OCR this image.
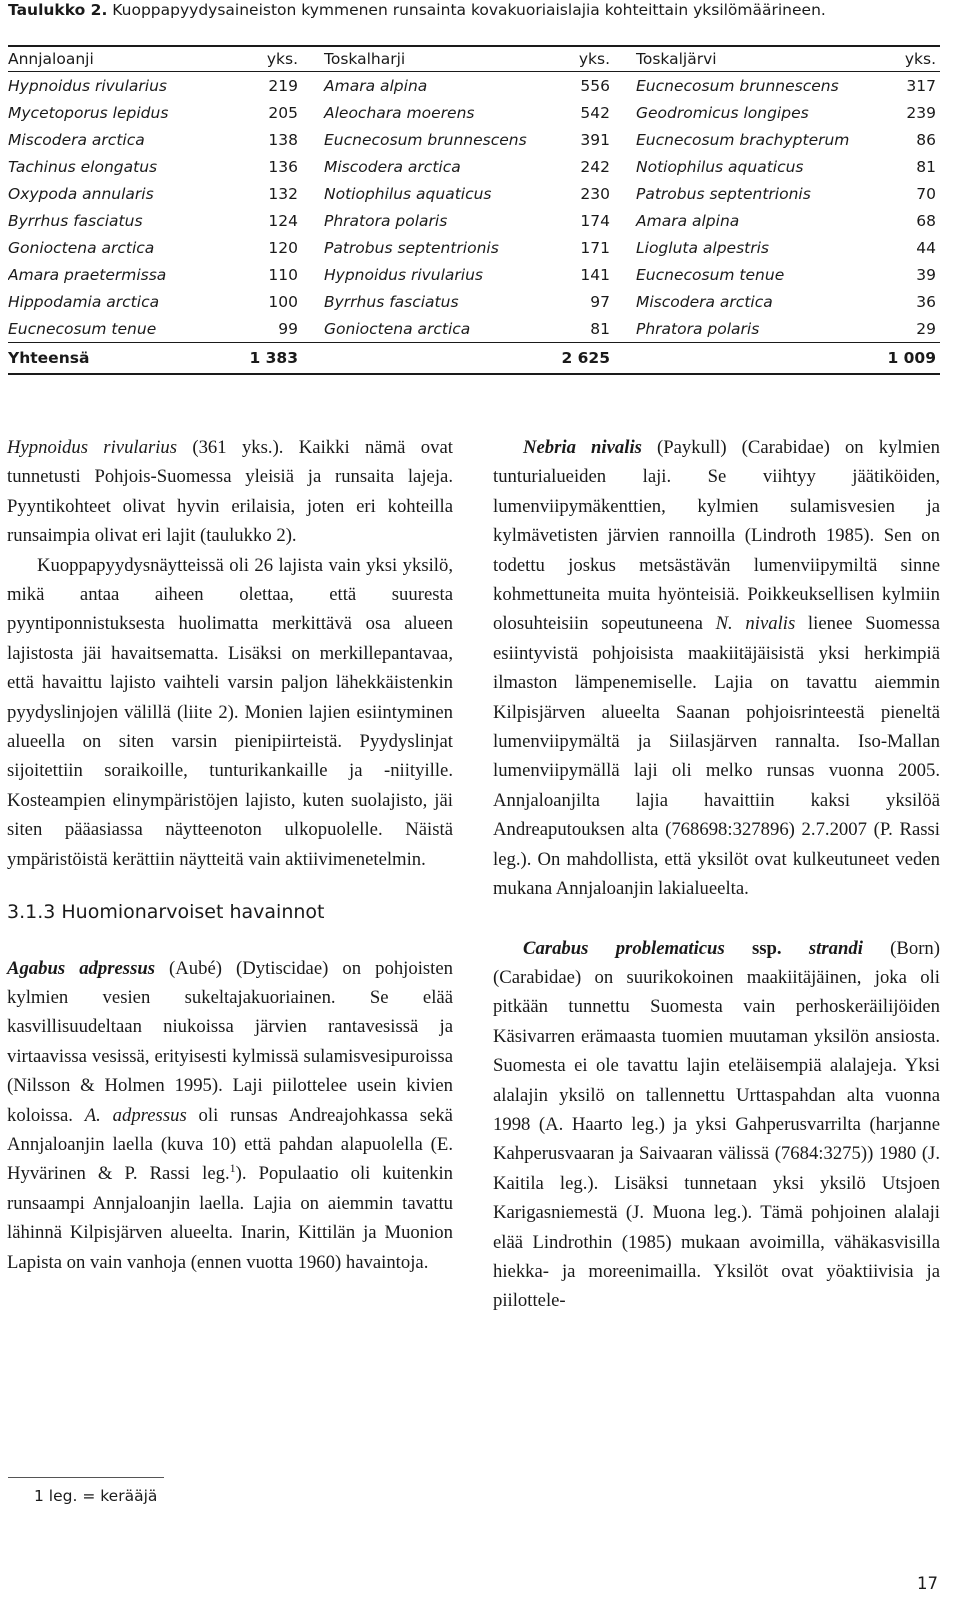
Taulukko 2. Kuoppapyydysaineiston kymmenen runsainta kovakuoriaislajia kohteittain yksilömäärineen.
Annjaloanji	yks.	Toskalharji	yks.	Toskaljärvi	yks.
Hypnoidus rivularius	219	Amara alpina	556	Eucnecosum brunnescens	317
Mycetoporus lepidus	205	Aleochara moerens	542	Geodromicus longipes	239
Miscodera arctica	138	Eucnecosum brunnescens	391	Eucnecosum brachypterum	86
Tachinus elongatus	136	Miscodera arctica	242	Notiophilus aquaticus	81
Oxypoda annularis	132	Notiophilus aquaticus	230	Patrobus septentrionis	70
Byrrhus fasciatus	124	Phratora polaris	174	Amara alpina	68
Gonioctena arctica	120	Patrobus septentrionis	171	Liogluta alpestris	44
Amara praetermissa	110	Hypnoidus rivularius	141	Eucnecosum tenue	39
Hippodamia arctica	100	Byrrhus fasciatus	97	Miscodera arctica	36
Eucnecosum tenue	99	Gonioctena arctica	81	Phratora polaris	29
Yhteensä	1 383		2 625		1 009

Hypnoidus rivularius (361 yks.). Kaikki nämä ovat tunnetusti Pohjois-Suomessa yleisiä ja runsaita lajeja. Pyyntikohteet olivat hyvin erilaisia, joten eri kohteilla runsaimpia olivat eri lajit (taulukko 2).

Kuoppapyydysnäytteissä oli 26 lajista vain yksi yksilö, mikä antaa aiheen olettaa, että suuresta pyyntiponnistuksesta huolimatta merkittävä osa alueen lajistosta jäi havaitsematta. Lisäksi on merkillepantavaa, että havaittu lajisto vaihteli varsin paljon lähekkäistenkin pyydyslinjojen välillä (liite 2). Monien lajien esiintyminen alueella on siten varsin pienipiirteistä. Pyydyslinjat sijoitettiin soraikoille, tunturikankaille ja -niityille. Kosteampien elinympäristöjen lajisto, kuten suolajisto, jäi siten pääasiassa näytteenoton ulkopuolelle. Näistä ympäristöistä kerättiin näytteitä vain aktiivimenetelmin.

3.1.3 Huomionarvoiset havainnot

Agabus adpressus (Aubé) (Dytiscidae) on pohjoisten kylmien vesien sukeltajakuoriainen. Se elää kasvillisuudeltaan niukoissa järvien rantavesissä ja virtaavissa vesissä, erityisesti kylmissä sulamisvesipuroissa (Nilsson & Holmen 1995). Laji piilottelee usein kivien koloissa. A. adpressus oli runsas Andreajohkassa sekä Annjaloanjin laella (kuva 10) että pahdan alapuolella (E. Hyvärinen & P. Rassi leg.$^1$). Populaatio oli kuitenkin runsaampi Annjaloanjin laella. Lajia on aiemmin tavattu lähinnä Kilpisjärven alueelta. Inarin, Kittilän ja Muonion Lapista on vain vanhoja (ennen vuotta 1960) havaintoja.

Nebria nivalis (Paykull) (Carabidae) on kylmien tunturialueiden laji. Se viihtyy jäätiköiden, lumenviipymäkenttien, kylmien sulamisvesien ja kylmävetisten järvien rannoilla (Lindroth 1985). Sen on todettu joskus metsästävän lumenviipymiltä sinne kohmettuneita muita hyönteisiä. Poikkeuksellisen kylmiin olosuhteisiin sopeutuneena N. nivalis lienee Suomessa esiintyvistä pohjoisista maakiitäjäisistä yksi herkimpiä ilmaston lämpenemiselle. Lajia on tavattu aiemmin Kilpisjärven alueelta Saanan pohjoisrinteestä pieneltä lumenviipymältä ja Siilasjärven rannalta. Iso-Mallan lumenviipymällä laji oli melko runsas vuonna 2005. Annjaloanjilta lajia havaittiin kaksi yksilöä Andreaputouksen alta (768698:327896) 2.7.2007 (P. Rassi leg.). On mahdollista, että yksilöt ovat kulkeutuneet veden mukana Annjaloanjin lakialueelta.

Carabus problematicus ssp. strandi (Born) (Carabidae) on suurikokoinen maakiitäjäinen, joka oli pitkään tunnettu Suomesta vain perhoskeräilijöiden Käsivarren erämaasta tuomien muutaman yksilön ansiosta. Suomesta ei ole tavattu lajin eteläisempiä alalajeja. Yksi alalajin yksilö on tallennettu Urttaspahdan alta vuonna 1998 (A. Haarto leg.) ja yksi Gahperusvarrilta (harjanne Kahperusvaaran ja Saivaaran välissä (7684:3275)) 1980 (J. Kaitila leg.). Lisäksi tunnetaan yksi yksilö Utsjoen Karigasniemestä (J. Muona leg.). Tämä pohjoinen alalaji elää Lindrothin (1985) mukaan avoimilla, vähäkasvisilla hiekka- ja moreenimailla. Yksilöt ovat yöaktiivisia ja piilottele-

1 leg. = kerääjä
17
